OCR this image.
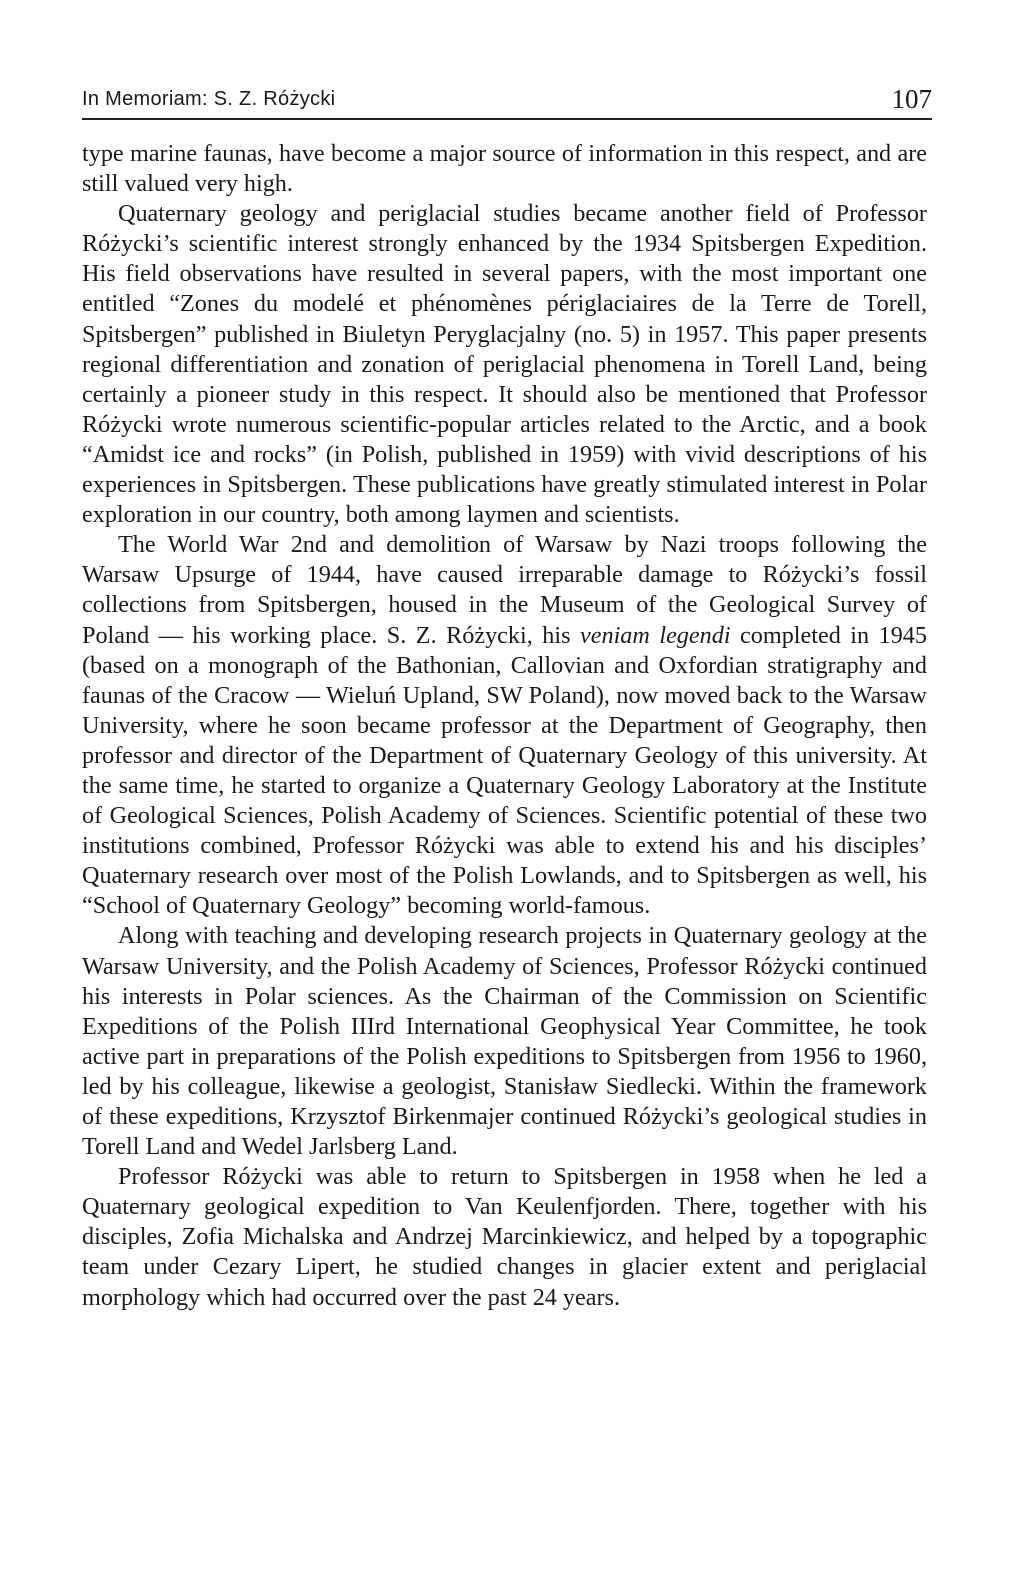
In Memoriam: S. Z. Różycki	107

type marine faunas, have become a major source of information in this respect, and are still valued very high.

Quaternary geology and periglacial studies became another field of Professor Różycki’s scientific interest strongly enhanced by the 1934 Spitsbergen Expedition. His field observations have resulted in several papers, with the most important one entitled “Zones du modelé et phénomènes périglaciaires de la Terre de Torell, Spitsbergen” published in Biuletyn Peryglacjalny (no. 5) in 1957. This paper presents regional differentiation and zonation of periglacial phenomena in Torell Land, being certainly a pioneer study in this respect. It should also be mentioned that Professor Różycki wrote numerous scientific-popular articles related to the Arctic, and a book “Amidst ice and rocks” (in Polish, published in 1959) with vivid descriptions of his experiences in Spitsbergen. These publications have greatly stimulated interest in Polar exploration in our country, both among laymen and scientists.

The World War 2nd and demolition of Warsaw by Nazi troops following the Warsaw Upsurge of 1944, have caused irreparable damage to Różycki’s fossil collections from Spitsbergen, housed in the Museum of the Geological Survey of Poland — his working place. S. Z. Różycki, his veniam legendi completed in 1945 (based on a monograph of the Bathonian, Callovian and Oxfordian stratigraphy and faunas of the Cracow — Wieluń Upland, SW Poland), now moved back to the Warsaw University, where he soon became professor at the Department of Geography, then professor and director of the Department of Quaternary Geology of this university. At the same time, he started to organize a Quaternary Geology Laboratory at the Institute of Geological Sciences, Polish Academy of Sciences. Scientific potential of these two institutions combined, Professor Różycki was able to extend his and his disciples’ Quaternary research over most of the Polish Lowlands, and to Spitsbergen as well, his “School of Quaternary Geology” becoming world-famous.

Along with teaching and developing research projects in Quaternary geology at the Warsaw University, and the Polish Academy of Sciences, Professor Różycki continued his interests in Polar sciences. As the Chairman of the Commission on Scientific Expeditions of the Polish IIIrd International Geophysical Year Committee, he took active part in preparations of the Polish expeditions to Spitsbergen from 1956 to 1960, led by his colleague, likewise a geologist, Stanisław Siedlecki. Within the framework of these expeditions, Krzysztof Birkenmajer continued Różycki’s geological studies in Torell Land and Wedel Jarlsberg Land.

Professor Różycki was able to return to Spitsbergen in 1958 when he led a Quaternary geological expedition to Van Keulenfjorden. There, together with his disciples, Zofia Michalska and Andrzej Marcinkiewicz, and helped by a topographic team under Cezary Lipert, he studied changes in glacier extent and periglacial morphology which had occurred over the past 24 years.
